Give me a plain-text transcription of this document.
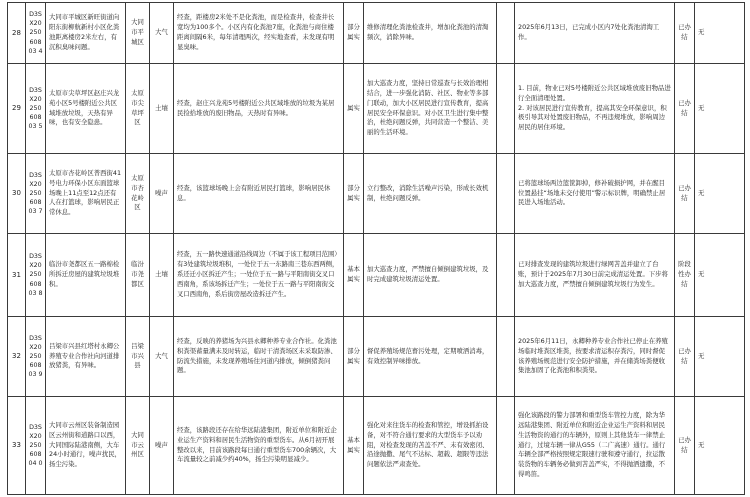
28	D3SX2025060803 4	大同市平城区新旺街道向阳东街柳航新村小区化粪池距离楼房2米左右，有沉积臭味问题。	大同市平城区	大气	经查，距楼房2米处不是化粪池，而是检查井，检查井长宽均为100多个。小区内有化粪池7座，化粪池与商住楼距离间隔6米，每年清理两次，经实地查看，未发现有明显臭味。	部分属实	维修清理化粪池检查井，增加化粪池的清淘频次，消除异味。		2025年6月13日，已完成小区内7处化粪池清淘工作。	已办结	无
29	D3SX2025060803 5	太原市尖草坪区赵庄兴龙苑小区5号楼附近公共区域堆放垃圾，天热有异味，也有安全隐患。	太原市尖草坪区	土壤	经查，赵庄兴龙苑5号楼附近公共区域堆放的垃圾为某居民捡拾堆放的废旧物品，天热时有异味。	属实	加大巡查力度，坚持日常巡查与长效治理相结合，进一步强化消防、社区、物业等多部门联动，加大小区居民进行宣传教育，提高居民安全环保意识。对小区卫生进行集中整治，杜绝问题反弹，共同营造一个整洁、美丽的生活环境。		1. 目前，物业已对5号楼附近公共区域堆放废旧物品进行全面清理处置。
2. 对该居民进行宣传教育，提高其安全环保意识，积极引导其对处置废旧物品，不再违规堆放，影响周边居民的居住环境。	已办结	无
30	D3SX2025060803 7	太原市杏花岭区普西街41号电力环保小区东面篮球场晚上11点至12点还有人在打篮球，影响居民正常休息。	太原市杏花岭区	噪声	经查，该篮球场晚上会有附近居民打篮球，影响居民休息。	部分属实	立行整改，消除生活噪声污染，形成长效机制，杜绝问题反弹。		已将篮球场两边篮筐卸掉，修补破损护网，并在醒目位置悬挂“场地未交付使用”警示标识牌，明确禁止居民进入场地活动。	已办结	无
31	D3SX2025060803 8	临汾市尧都区五一路棉检所拆迁房屋的建筑垃圾堆积。	临汾市尧都区	土壤	经查，五一路快速通道沿线周边（不属于该工程项目范围）有3处建筑垃圾堆积，一处位于五一东路南三巷东西两侧，系还迁小区拆迁产生；一处位于五一路与平阳南街交叉口西南角，系该场拆迁产生；一处位于五一路与平阳南街交叉口西南角，系后街房屋改造拆迁产生。	基本属实	加大巡查力度，严禁擅自倾倒建筑垃圾，及时完成建筑垃圾清运处置。		已对排查发现的建筑垃圾进行绿网苫盖并建立了台账，预计于2025年7月30日前完成清运处置。下步将加大巡查力度，严禁擅自倾倒建筑垃圾行为发生。	阶段性办结	无
32	D3SX2025060803 9	吕梁市兴县红塔村永卿公养殖专业合作社向河道排放猪粪，有异味。	吕梁市兴县	大气	经查，反映的养猪场为兴县永卿种养专业合作社。化粪池积粪渠蓄量满未及时转运，临时干清粪场区未采取防渗、防流失措施，未发现养殖场往河道内排放，倾倒猪粪问题。	部分属实	督促养殖场规范畜污处理，定期喷洒消毒，有效控制异味排放。		2025年6月11日，永卿种养专业合作社已停止在养殖场临时堆粪区堆粪，按要求清运积存粪污，同时督促该养殖场规范进行安全防护措施，并在储粪场粪便收集池加固了化粪池和积粪渠。	已办结	无
33	D3SX2025060804 0	大同市云州区装备制造园区云州街和道路口以西，大同国际陆港南侧，大车24小时通行，噪声扰民，扬尘污染。	大同市云州区	噪声	经查，该路段还存在给华远陆港集团，附近单位和附近企业运生产资料和居民生活物资的重型货车。从6月初开展整改以来，目前该路段每日通行重型货车700余辆次，大车流量较之前减少约40%，扬尘污染明显减少。	基本属实	强化对来往货车的检查和管控，增设抓拍设备，对不符合通行要求的大型货车予以劝阻，对检查发现的苫盖不严、未有效密闭、沿途抛撒、尾气不达标、超载、超限等违法问题依法严肃查处。		强化该路段的警力部署和重型货车管控力度，除为华远陆港集团、附近单位和附近企业运生产资料和居民生活物资的通行的车辆外，原则上其他货车一律禁止通行，过境车辆一律从G55（二广高速）通行。通行车辆全部严格按照规定限速行驶和遵守通行，拉运散装货物的车辆务必做到苫盖严实，不得抛洒遗撒，不得鸣笛。	已办结	无
